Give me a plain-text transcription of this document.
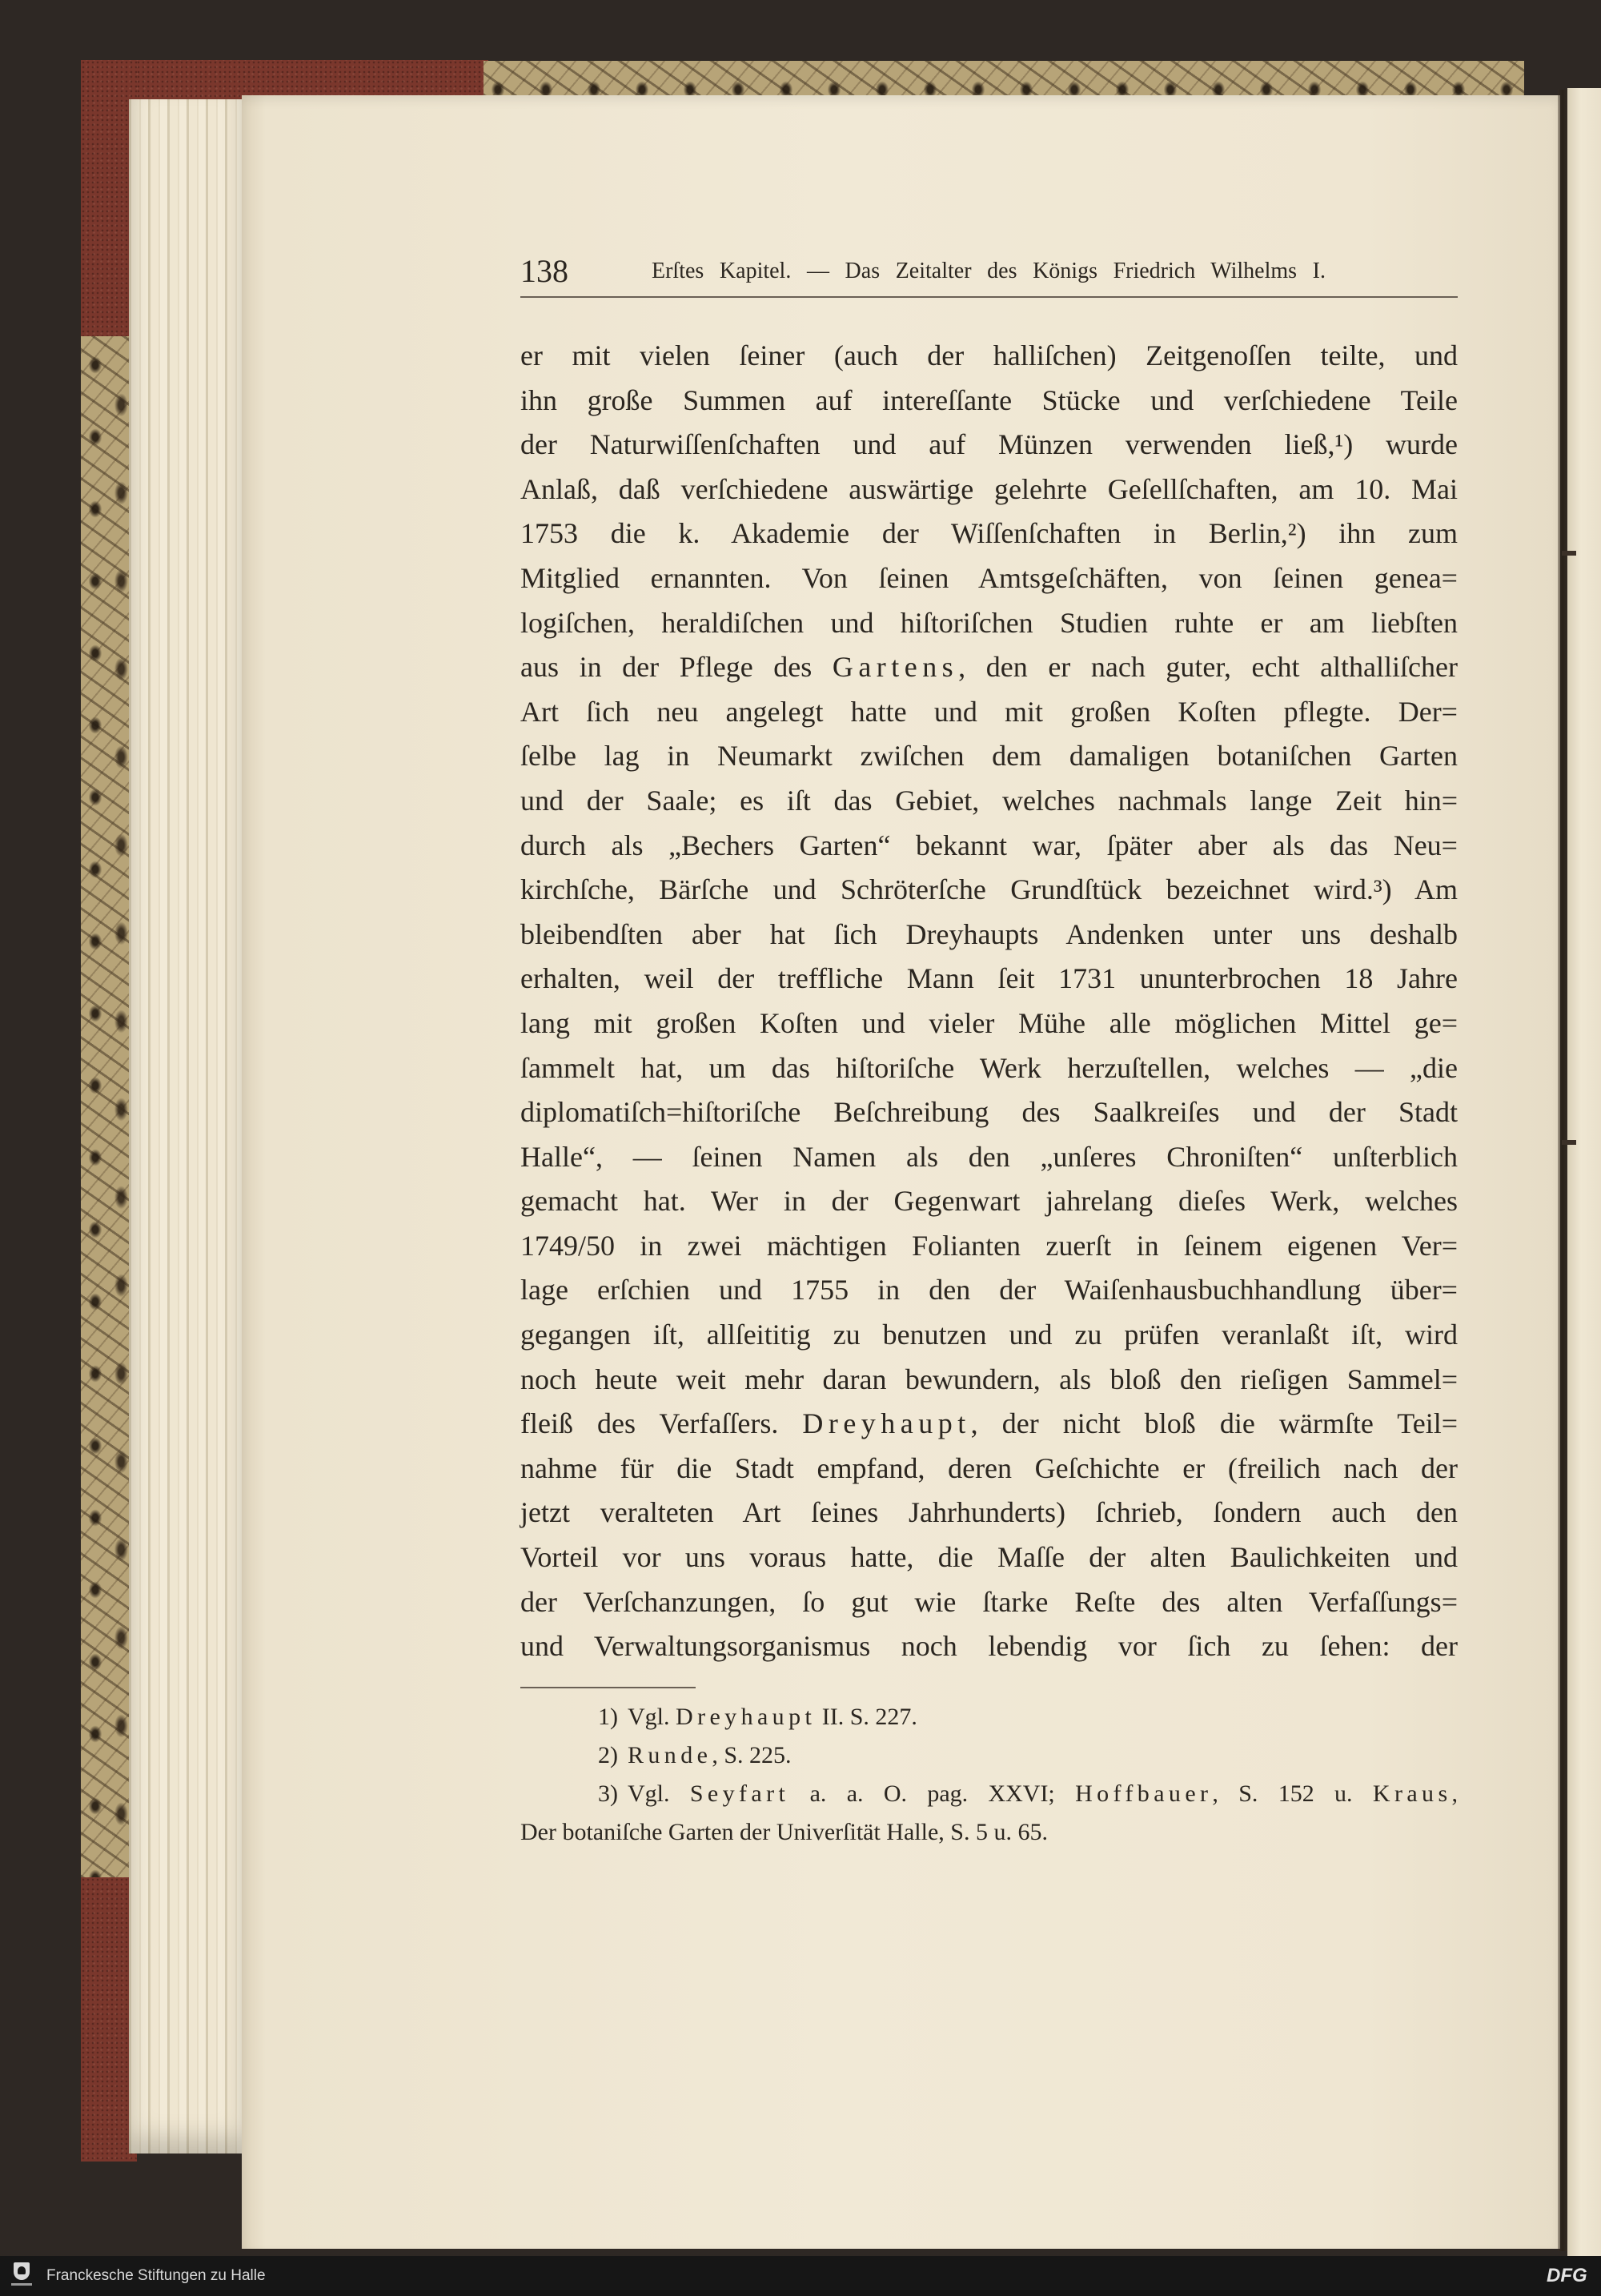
138	Erſtes Kapitel. — Das Zeitalter des Königs Friedrich Wilhelms I.
er mit vielen ſeiner (auch der halliſchen) Zeitgenoſſen teilte, und
ihn große Summen auf intereſſante Stücke und verſchiedene Teile
der Naturwiſſenſchaften und auf Münzen verwenden ließ,¹) wurde
Anlaß, daß verſchiedene auswärtige gelehrte Geſellſchaften, am 10. Mai
1753 die k. Akademie der Wiſſenſchaften in Berlin,²) ihn zum
Mitglied ernannten. Von ſeinen Amtsgeſchäften, von ſeinen genea=
logiſchen, heraldiſchen und hiſtoriſchen Studien ruhte er am liebſten
aus in der Pflege des Gartens, den er nach guter, echt althalliſcher
Art ſich neu angelegt hatte und mit großen Koſten pflegte. Der=
ſelbe lag in Neumarkt zwiſchen dem damaligen botaniſchen Garten
und der Saale; es iſt das Gebiet, welches nachmals lange Zeit hin=
durch als „Bechers Garten“ bekannt war, ſpäter aber als das Neu=
kirchſche, Bärſche und Schröterſche Grundſtück bezeichnet wird.³) Am
bleibendſten aber hat ſich Dreyhaupts Andenken unter uns deshalb
erhalten, weil der treffliche Mann ſeit 1731 ununterbrochen 18 Jahre
lang mit großen Koſten und vieler Mühe alle möglichen Mittel ge=
ſammelt hat, um das hiſtoriſche Werk herzuſtellen, welches — „die
diplomatiſch=hiſtoriſche Beſchreibung des Saalkreiſes und der Stadt
Halle“, — ſeinen Namen als den „unſeres Chroniſten“ unſterblich
gemacht hat. Wer in der Gegenwart jahrelang dieſes Werk, welches
1749/50 in zwei mächtigen Folianten zuerſt in ſeinem eigenen Ver=
lage erſchien und 1755 in den der Waiſenhausbuchhandlung über=
gegangen iſt, allſeititig zu benutzen und zu prüfen veranlaßt iſt, wird
noch heute weit mehr daran bewundern, als bloß den rieſigen Sammel=
fleiß des Verfaſſers. Dreyhaupt, der nicht bloß die wärmſte Teil=
nahme für die Stadt empfand, deren Geſchichte er (freilich nach der
jetzt veralteten Art ſeines Jahrhunderts) ſchrieb, ſondern auch den
Vorteil vor uns voraus hatte, die Maſſe der alten Baulichkeiten und
der Verſchanzungen, ſo gut wie ſtarke Reſte des alten Verfaſſungs=
und Verwaltungsorganismus noch lebendig vor ſich zu ſehen: der
1) Vgl. Dreyhaupt II. S. 227.
2) Runde, S. 225.
3) Vgl. Seyfart a. a. O. pag. XXVI; Hoffbauer, S. 152 u. Kraus,
Der botaniſche Garten der Univerſität Halle, S. 5 u. 65.
Franckesche Stiftungen zu Halle	DFG
